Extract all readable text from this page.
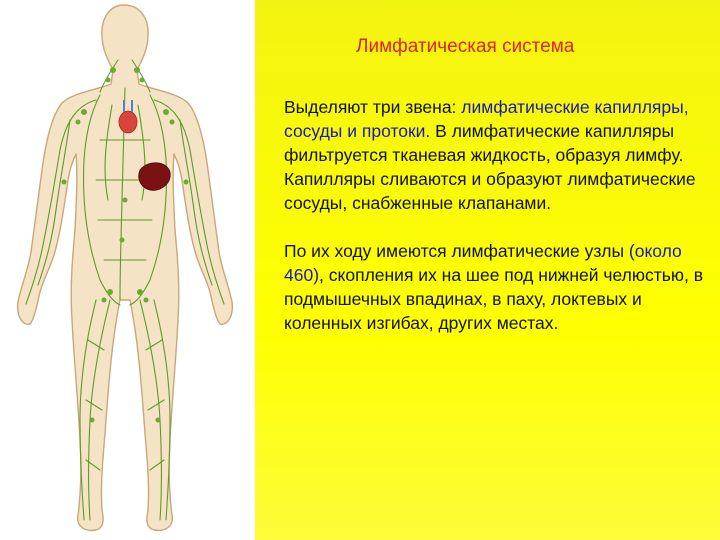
Лимфатическая система

Выделяют три звена: лимфатические капилляры, сосуды и протоки. В лимфатические капилляры фильтруется тканевая жидкость, образуя лимфу. Капилляры сливаются и образуют лимфатические сосуды, снабженные клапанами.

По их ходу имеются лимфатические узлы (около 460), скопления их на шее под нижней челюстью, в подмышечных впадинах, в паху, локтевых и коленных изгибах, других местах.
